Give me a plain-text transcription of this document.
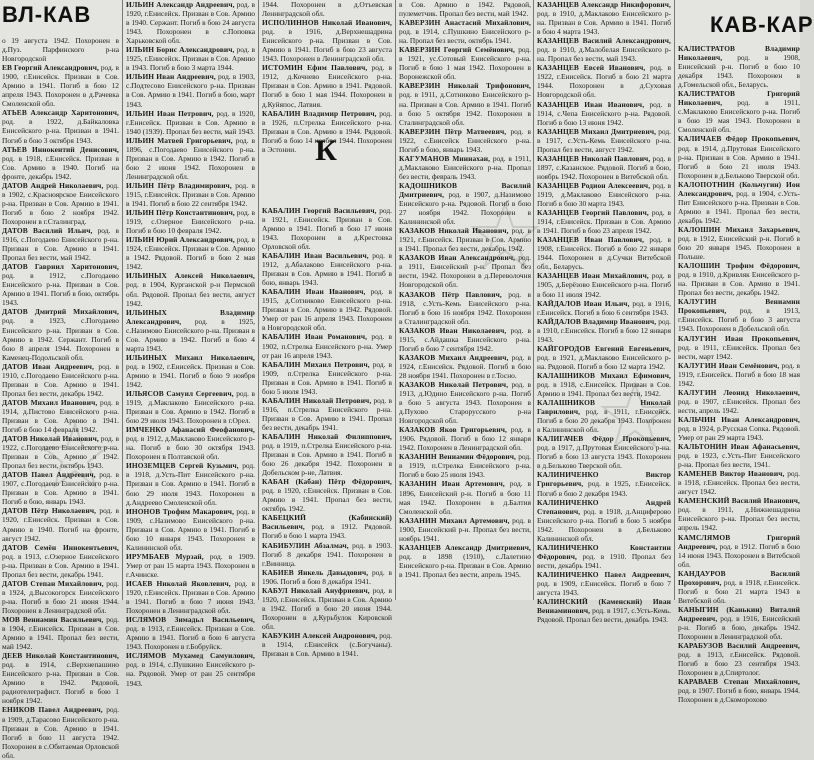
ВЛ-КАВ	КАВ-КАР
о 19 августа 1942. Похоронен в д.Пуз. Парфинского р-на Новгородской
ЕВ Георгий Александрович, род. в 1900, г.Енисейск. Призван в Сов. Армию в 1941. Погиб в бою 12 апреля 1943. Похоронен в д.Рачевка Смоленской обл.
АТЬЕВ Александр Харитонович, род. в 1922, д.Байкаловка Енисейского р-на. Призван в 1941. Погиб в бою 3 октября 1943.
АТЬЕВ Иннокентий Денисович, род. в 1918, г.Енисейск. Призван в Сов. Армию в 1940. Погиб на фронте, декабрь 1942.
ДАТОВ Андрей Николаевич, род. в 1902, с.Красноярское Енисейского р-на. Призван в Сов. Армию в 1941. Погиб в бою 2 ноября 1942. Похоронен в г.Сталинград.
ДАТОВ Василий Ильич, род. в 1916, с.Погодаево Енисейского р-на. Призван в Сов. Армию в 1941. Пропал без вести, май 1942.
ДАТОВ Гавриил Харитонович, род. в 1912, с.Погодаево Енисейского р-на. Призван в Сов. Армию в 1941. Погиб в бою, октябрь 1943.
ДАТОВ Дмитрий Михайлович, род. в 1923, с.Погодаево Енисейского р-на. Призван в Сов. Армию в 1942. Сержант. Погиб в бою 8 апреля 1944. Похоронен в Каменец-Подольской обл.
ДАТОВ Иван Андреевич, род. в 1910, с.Погодаево Енисейского р-на. Призван в Сов. Армию в 1941. Пропал без вести, декабрь 1942.
ДАТОВ Михаил Иванович, род. в 1914, д.Пистово Енисейского р-на. Призван в Сов. Армию в 1941. Погиб в бою 14 февраля 1942.
ДАТОВ Николай Иванович, род. в 1922, с.Погодаево Енисейского р-на. Призван в Сов. Армию в 1942. Пропал без вести, октябрь 1943.
ДАТОВ Павел Андреевич, род. в 1907, с.Погодаево Енисейского р-на. Призван в Сов. Армию в 1941. Погиб в бою, январь 1943.
ДАТОВ Пётр Николаевич, род. в 1920, г.Енисейск. Призван в Сов. Армию в 1940. Погиб на фронте, август 1942.
ДАТОВ Семён Иннокентьевич, род. в 1913, с.Озерное Енисейского р-на. Призван в Сов. Армию в 1941. Пропал без вести, декабрь 1941.
ДАТОВ Степан Михайлович, род. в 1924, д.Высокогорск Енисейского р-на. Погиб в бою 21 июня 1944. Похоронен в Ленинградской обл.
МОВ Вениамин Васильевич, род. в 1904, г.Енисейск. Призван в Сов. Армию в 1941. Пропал без вести, май 1942.
ДЕЕВ Николай Константинович, род. в 1914, с.Верхнепашино Енисейского р-на. Призван в Сов. Армию в 1942. Рядовой, радиотелеграфист. Погиб в бою 1 ноября 1942.
ЕНИКОВ Павел Андреевич, род. в 1909, д.Тарасово Енисейского р-на. Призван в Сов. Армию в 1941. Погиб в бою 11 августа 1942. Похоронен в с.Обитаемая Орловской обл.
ИЛЬИН Александр Андреевич, род. в 1920, г.Енисейск. Призван в Сов. Армию в 1940. Сержант. Погиб в бою 24 августа 1943. Похоронен в с.Поповка Харьковской обл.
ИЛЬИН Борис Александрович, род. в 1925, г.Енисейск. Призван в Сов. Армию в 1943. Погиб в бою 3 марта 1944.
ИЛЬИН Иван Андреевич, род. в 1903, с.Подтесово Енисейского р-на. Призван в Сов. Армию в 1941. Погиб в бою, март 1943.
ИЛЬИН Иван Петрович, род. в 1920, г.Енисейск. Призван в Сов. Армию в 1940 (1939). Пропал без вести, май 1943.
ИЛЬИН Матвей Григорьевич, род. в 1896, с.Погодаево Енисейского р-на. Призван в Сов. Армию в 1942. Погиб в бою 2 июня 1942. Похоронен в Ленинградской обл.
ИЛЬИН Пётр Владимирович, род. в 1915, г.Енисейск. Призван в Сов. Армию в 1941. Погиб в бою 22 сентября 1942.
ИЛЬИН Пётр Константинович, род. в 1919, с.Озерное Енисейского р-на. Погиб в бою 10 февраля 1942.
ИЛЬИН Юрий Александрович, род. в 1924, г.Енисейск. Призван в Сов. Армию в 1942. Рядовой. Погиб в бою 2 мая 1942.
ИЛЬИНЫХ Алексей Николаевич, род. в 1904, Курганской р-н Пермской обл. Рядовой. Пропал без вести, август 1942.
ИЛЬИНЫХ Владимир Александрович, род. в 1925, с.Назимово Енисейского р-на. Призван в Сов. Армию в 1942. Погиб в бою 4 марта 1943.
ИЛЬИНЫХ Михаил Николаевич, род. в 1902, г.Енисейск. Призван в Сов. Армию в 1941. Погиб в бою 9 ноября 1942.
ИЛЬЯСОВ Самуил Сергеевич, род. в 1919, д.Маклаково Енисейского р-на. Призван в Сов. Армию в 1942. Погиб в бою 29 июля 1943. Похоронен в г.Орел.
ИМЧЕНКО Афанасий Феофанович, род. в 1912, д.Маклаково Енисейского р-на. Погиб в бою 30 октября 1943. Похоронен в Полтавской обл.
ИНОЗЕМЦЕВ Сергей Кузьмич, род. в 1918, д.Усть-Пит Енисейского р-на. Призван в Сов. Армию в 1941. Погиб в бою 29 июля 1943. Похоронен в д.Андреево Смоленской обл.
ИНОНОВ Трофим Макарович, род. в 1909, с.Назимово Енисейского р-на. Призван в Сов. Армию в 1941. Погиб в бою 10 января 1943. Похоронен в Калининской обл.
ИРУМБАЕВ Мурзай, род. в 1909. Умер от ран 15 марта 1943. Похоронен в г.Ачинске.
ИСАЕВ Николай Яковлевич, род. в 1920, г.Енисейск. Призван в Сов. Армию в 1941. Погиб в бою 7 июня 1943. Похоронен в Ленинградской обл.
ИСЛЯМОВ Зимадьл Васильевич, род. в 1913, г.Енисейск. Призван в Сов. Армию в 1941. Погиб в бою 6 августа 1943. Похоронен в г.Бобруйск.
ИСЛЯМОВ Мухамед Самуилович, род. в 1914, с.Пушкино Енисейского р-на. Рядовой. Умер от ран 25 сентября 1943.
1944. Похоронен в д.Отъевская Ленинградской обл.
ИСПОЛИННОВ Николай Иванович, род. в 1916, д.Верхнешадрина Енисейского р-на. Призван в Сов. Армию в 1941. Погиб в бою 23 августа 1943. Похоронен в Ленинградской обл.
ИСТОМИН Ефим Павлович, род. в 1912, д.Кочнево Енисейского р-на. Призван в Сов. Армию в 1941. Рядовой. Погиб в бою 1 мая 1944. Похоронен в д.Куйяпос, Латвия.
КАБАЛИН Владимир Петрович, род. в 1926, п.Стрелка Енисейского р-на. Призван в Сов. Армию в 1944. Рядовой. Погиб в бою 14 ноября 1944. Похоронен в Эстонии.
КАБАЛИН Георгий Васильевич, род. в 1921, г.Енисейск. Призван в Сов. Армию в 1941. Погиб в бою 17 июня 1943. Похоронен в д.Крестовка Орловской обл.
КАБАЛИН Иван Васильевич, род. в 1912, д.Абалаково Енисейского р-на. Призван в Сов. Армию в 1941. Погиб в бою, январь 1943.
КАБАЛИН Иван Иванович, род. в 1915, д.Сотниково Енисейского р-на. Призван в Сов. Армию в 1942. Рядовой. Умер от ран 16 апреля 1943. Похоронен в Новгородской обл.
КАБАЛИН Иван Романович, род. в 1902, п.Стрелка Енисейского р-на. Умер от ран 16 апреля 1943.
КАБАЛИН Михаил Петрович, род. в 1909, п.Стрелка Енисейского р-на. Призван в Сов. Армию в 1941. Погиб в бою 5 июля 1943.
КАБАЛИН Николай Петрович, род. в 1916, п.Стрелка Енисейского р-на. Призван в Сов. Армию в 1941. Пропал без вести, декабрь 1941.
КАБАЛИН Николай Филиппович, род. в 1919, п.Стрелка Енисейского р-на. Призван в Сов. Армию в 1941. Погиб в бою 26 декабря 1942. Похоронен в Добельском р-не, Латвия.
КАБАН (Кабан) Пётр Фёдорович, род. в 1920, г.Енисейск. Призван в Сов. Армию в 1941. Пропал без вести, октябрь 1942.
КАБЕЦКИЙ (Кабинский) Васильевич, род. в 1912. Рядовой. Погиб в бою 1 марта 1943.
КАБИБУЛИН Абзалмач, род. в 1903. Погиб 8 декабря 1941. Похоронен в г.Винница.
КАБИЕВ Янкель Давыдович, род. в 1906. Погиб в бою 8 декабря 1941.
КАБУЛ Николай Ануфриевич, род. в 1920, г.Енисейск. Призван в Сов. Армию в 1942. Погиб в бою 20 июня 1944. Похоронен в д.Курьбулок Кировской обл.
КАБУКИН Алексей Андронович, род. в 1914, г.Енисейск (с.Богучаны). Призван в Сов. Армию в 1941.
в Сов. Армию в 1942. Рядовой, пулеметчик. Пропал без вести, май 1942.
КАВЕРЗИН Анастасий Михайлович, род. в 1914, с.Пушкино Енисейского р-на. Пропал без вести, октябрь 1941.
КАВЕРЗИН Георгий Семёнович, род. в 1921, ус.Сотовый Енисейского р-на. Погиб в бою 1 мая 1942. Похоронен в Воронежской обл.
КАВЕРЗИН Николай Трифонович, род. в 1911, д.Сотниково Енисейского р-на. Призван в Сов. Армию в 1941. Погиб в бою 5 октября 1942. Похоронен в Сталинградской обл.
КАВЕРЗИН Пётр Матвеевич, род. в 1922, с.Енисейск Енисейского р-на. Погиб в бою, январь 1943.
КАГУМАНОВ Миннахан, род. в 1911, д.Маклаково Енисейского р-на. Пропал без вести, февраль 1943.
КАДОШНИКОВ Василий Дмитриевич, род. в 1907, д.Назимово Енисейского р-на. Рядовой. Погиб в бою 27 ноября 1942. Похоронен в Калининской обл.
КАЗАКОВ Николай Иванович, род. в 1921, г.Енисейск. Призван в Сов. Армию в 1941. Пропал без вести, декабрь 1942.
КАЗАКОВ Иван Александрович, род. в 1911, Енисейский р-н. Пропал без вести, 1942. Похоронен в д.Переволочня Новгородской обл.
КАЗАКОВ Пётр Павлович, род. в 1918, с.Усть-Кемь Енисейского р-на. Погиб в бою 16 ноября 1942. Похоронен в Сталинградской обл.
КАЗАКОВ Иван Николаевич, род. в 1915, с.Айдашка Енисейского р-на. Погиб в бою 7 сентября 1942.
КАЗАКОВ Михаил Андреевич, род. в 1924, г.Енисейск. Рядовой. Погиб в бою 28 ноября 1941. Похоронен в г.Тосно.
КАЗАКОВ Николай Петрович, род. в 1913, д.Юдино Енисейского р-на. Погиб в бою 5 августа 1943. Похоронен в д.Пухово Старорусского р-на Новгородской обл.
КАЗАКОВ Яков Григорьевич, род. в 1906. Рядовой. Погиб в бою 12 января 1942. Похоронен в Ленинградской обл.
КАЗАНИН Вениамин Фёдорович, род. в 1919, п.Стрелка Енисейского р-на. Погиб в бою 25 июля 1943.
КАЗАНИН Иван Артемович, род. в 1896, Енисейский р-н. Погиб в бою 11 мая 1942. Похоронен в д.Балтия Смоленской обл.
КАЗАНИН Михаил Артемович, род. в 1900, Енисейский р-н. Пропал без вести, ноябрь 1941.
КАЗАНЦЕВ Александр Дмитриевич, род. в 1898 (1910), с.Лалетино Енисейского р-на. Призван в Сов. Армию в 1941. Пропал без вести, апрель 1945.
КАЗАНЦЕВ Александр Никифорович, род. в 1910, д.Маклаково Енисейского р-на. Призван в Сов. Армию в 1941. Погиб в бою 4 марта 1943.
КАЗАНЦЕВ Василий Александрович, род. в 1910, д.Малобелая Енисейского р-на. Пропал без вести, май 1943.
КАЗАНЦЕВ Евсей Иванович, род. в 1922, г.Енисейск. Погиб в бою 21 марта 1944. Похоронен в д.Суховая Новгородской обл.
КАЗАНЦЕВ Иван Иванович, род. в 1914, с.Чепа Енисейского р-на. Рядовой. Погиб в бою 13 июня 1942.
КАЗАНЦЕВ Михаил Дмитриевич, род. в 1917, с.Усть-Кемь Енисейского р-на. Пропал без вести, август 1942.
КАЗАНЦЕВ Николай Павлович, род. в 1897, с.Казанское. Рядовой. Погиб в бою, ноябрь 1942. Похоронен в Витебской обл.
КАЗАНЦЕВ Родион Алексеевич, род. в 1919, д.Маклаково Енисейского р-на. Погиб в бою 30 марта 1943.
КАЗАНЦЕВ Георгий Павлович, род. в 1914, г.Енисейск. Призван в Сов. Армию в 1941. Погиб в бою 23 апреля 1942.
КАЗАНЦЕВ Иван Павлович, род. в 1908, г.Енисейск. Погиб в бою 22 января 1944. Похоронен в д.Сучки Витебской обл., Беларусь.
КАЗАНЦЕВ Иван Михайлович, род. в 1905, д.Берёзово Енисейского р-на. Погиб в бою 11 июля 1942.
КАЙДАЛОВ Иван Ильич, род. в 1916, г.Енисейск. Погиб в бою 6 сентября 1943.
КАЙДАЛОВ Владимир Иванович, род. в 1910, г.Енисейск. Погиб в бою 12 января 1943.
КАЙГОРОДОВ Евгений Евгеньевич, род. в 1921, д.Маклаково Енисейского р-на. Рядовой. Погиб в бою 12 марта 1942.
КАЛАШНИКОВ Михаил Ефимович, род. в 1918, с.Енисейск. Призван в Сов. Армию в 1941. Пропал без вести, 1942.
КАЛАШНИКОВ Николай Гаврилович, род. в 1911, г.Енисейск. Погиб в бою 20 декабря 1943. Похоронен в Калининской обл.
КАЛИГАЧЕВ Фёдор Прокопьевич, род. в 1917, д.Прутовая Енисейского р-на. Погиб в бою 13 августа 1943. Похоронен в д.Бельково Тверской обл.
КАЛИНИЧЕНКО Виктор Григорьевич, род. в 1925, г.Енисейск. Погиб в бою 2 декабря 1943.
КАЛИНИЧЕНКО Андрей Степанович, род. в 1918, д.Анциферово Енисейского р-на. Погиб в бою 5 ноября 1942. Похоронен в д.Бельково Калининской обл.
КАЛИНИЧЕНКО Константин Фёдорович, род. в 1910. Пропал без вести, декабрь 1941.
КАЛИНИЧЕНКО Павел Андреевич, род. в 1909, г.Енисейск. Погиб в бою 7 августа 1943.
КАЛИНСКИЙ (Каменский) Иван Вениаминович, род. в 1917, с.Усть-Кемь. Рядовой. Пропал без вести, декабрь 1943.
КАЛИСТРАТОВ Владимир Николаевич, род. в 1908, Енисейский р-н. Погиб в бою 10 декабря 1943. Похоронен в д.Гомельской обл., Беларусь.
КАЛИСТРАТОВ Григорий Николаевич, род. в 1911, с.Маклаково Енисейского р-на. Погиб в бою 19 мая 1943. Похоронен в Смоленской обл.
КАЛИЧАЕВ Фёдор Прокопьевич, род. в 1914, д.Прутовая Енисейского р-на. Призван в Сов. Армию в 1941. Погиб в бою 21 июля 1943. Похоронен в д.Бельково Тверской обл.
КАЛОПОТНИН (Кольчугин) Ион Александрович, род. в 1904, с.Усть-Пит Енисейского р-на. Призван в Сов. Армию в 1941. Пропал без вести, декабрь 1942.
КАЛОШИН Михаил Захарьевич, род. в 1912, Енисейский р-н. Погиб в бою 20 января 1945. Похоронен в Польше.
КАЛОШИН Трофим Фёдорович, род. в 1910, д.Кривляк Енисейского р-на. Призван в Сов. Армию в 1941. Пропал без вести, декабрь 1942.
КАЛУГИН Вениамин Прокопьевич, род. в 1913, г.Енисейск. Погиб в бою 3 августа 1943. Похоронен в Добельской обл.
КАЛУГИН Иван Прокопьевич, род. в 1911, г.Енисейск. Пропал без вести, март 1942.
КАЛУГИН Иван Семёнович, род. в 1919, г.Енисейск. Погиб в бою 18 мая 1942.
КАЛУГИН Леонид Николаевич, род. в 1907, г.Енисейск. Пропал без вести, апрель 1942.
КАЛЬЧИН Иван Александрович, род. в 1924, р.Русская Сопка. Рядовой. Умер от ран 29 марта 1943.
КАЛЬТОНИН Иван Афанасьевич, род. в 1923, с.Усть-Пит Енисейского р-на. Пропал без вести, 1941.
КАМЕНЕВ Виктор Иванович, род. в 1918, г.Енисейск. Пропал без вести, август 1942.
КАМЕНСКИЙ Василий Иванович, род. в 1911, д.Нижнешадрина Енисейского р-на. Пропал без вести, апрель 1942.
КАМСЛЯМОВ Григорий Андреевич, род. в 1912. Погиб в бою 14 июня 1943. Похоронен в Витебской обл.
КАНДАУРОВ Василий Прохорович, род. в 1918, г.Енисейск. Погиб в бою 21 марта 1943 в Витебской обл.
КАНЫГИН (Канькин) Виталий Андреевич, род. в 1916, Енисейский р-н. Погиб в бою, декабрь 1942. Похоронен в Ленинградской обл.
КАРАБУЗОВ Василий Андреевич, род. в 1913, г.Енисейск. Рядовой. Погиб в бою 23 сентября 1943. Похоронен в д.Спиртолог.
КАРАВАЕВ Степан Михайлович, род. в 1907. Погиб в бою, январь 1944. Похоронен в д.Скоморохово
К
